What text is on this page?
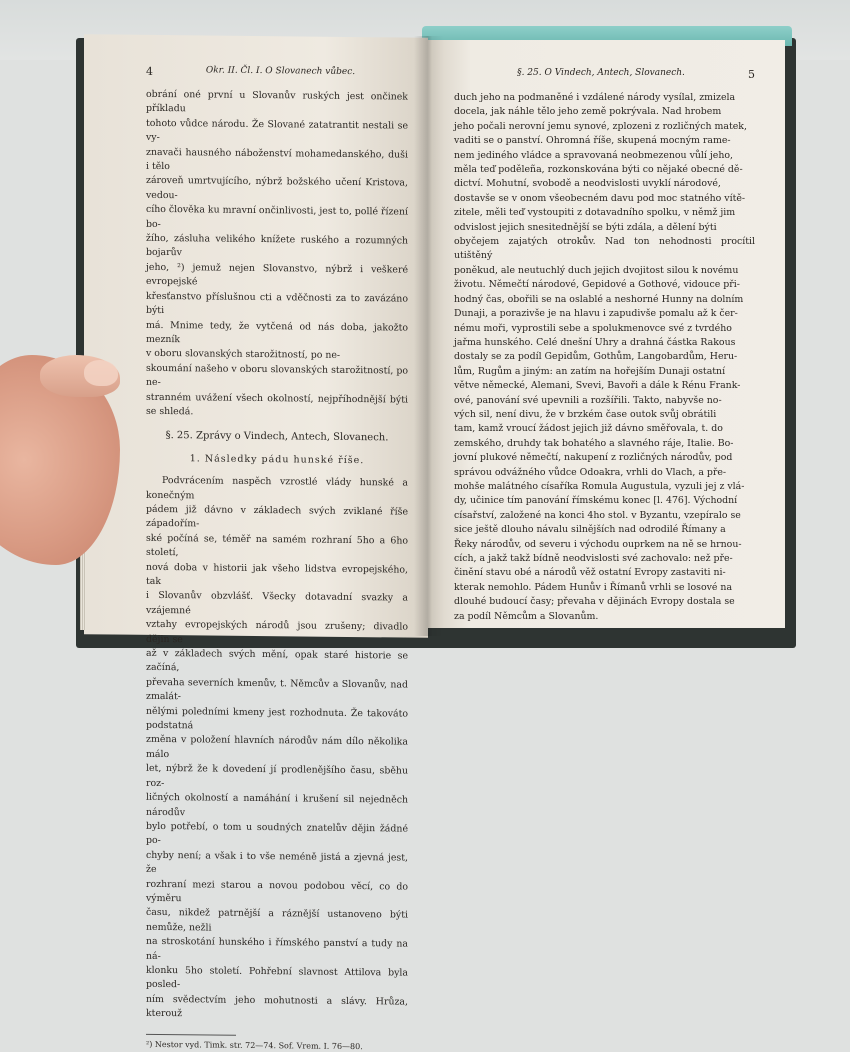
4	Okr. II. Čl. I. O Slovanech vůbec.

obrání oné první u Slovanův ruských jest ončinek příkladu

tohoto vůdce národu. Že Slované zatatrantit nestali se vy-

znavači hausného náboženství mohamedanského, duši i tělo

zároveň umrtvujícího, nýbrž božského učení Kristova, vedou-

cího člověka ku mravní ončinlivosti, jest to, pollé řízení bo-

žího, zásluha velikého knížete ruského a rozumných bojarův

jeho, ²) jemuž nejen Slovanstvo, nýbrž i veškeré evropejské

křesťanstvo příslušnou cti a vděčnosti za to zavázáno býti

má. Mnime tedy, že vytčená od nás doba, jakožto mezník

v oboru slovanských starožitností, po ne-

skoumání našeho v oboru slovanských starožitností, po ne-

stranném uvážení všech okolností, nejpříhodnější býti se shledá.

§. 25. Zprávy o Vindech, Antech, Slovanech.
1. Následky pádu hunské říše.

Podvrácením naspěch vzrostlé vlády hunské a konečným

pádem již dávno v základech svých zviklané říše západořím-

ské počíná se, téměř na samém rozhraní 5ho a 6ho století,

nová doba v historii jak všeho lidstva evropejského, tak

i Slovanův obzvlášť. Všecky dotavadní svazky a vzájemné

vztahy evropejských národů jsou zrušeny; divadlo dějin se

až v základech svých mění, opak staré historie se začíná,

převaha severních kmenův, t. Němcův a Slovanův, nad zmalát-

nělými poledními kmeny jest rozhodnuta. Že takováto podstatná

změna v položení hlavních národův nám dílo několika málo

let, nýbrž že k dovedení jí prodlenějšího času, sběhu roz-

ličných okolností a namáhání i krušení sil nejedněch národův

bylo potřebí, o tom u soudných znatelův dějin žádné po-

chyby není; a však i to vše neméně jistá a zjevná jest, že

rozhraní mezi starou a novou podobou věcí, co do výměru

času, nikdež patrnější a ráznější ustanoveno býti nemůže, nežli

na stroskotání hunského i římského panství a tudy na ná-

klonku 5ho století. Pohřební slavnost Attilova byla posled-

ním svědectvím jeho mohutnosti a slávy. Hrůza, kterouž

²) Nestor vyd. Timk. str. 72—74. Sof. Vrem. I. 76—80.
§. 25. O Vindech, Antech, Slovanech.	5

duch jeho na podmaněné i vzdálené národy vysílal, zmizela

docela, jak náhle tělo jeho země pokrývala. Nad hrobem

jeho počali nerovní jemu synové, zplozeni z rozličných matek,

vaditi se o panství. Ohromná říše, skupená mocným rame-

nem jediného vládce a spravovaná neobmezenou vůlí jeho,

měla teď poděleña, rozkonskována býti co nějaké obecné dě-

dictví. Mohutní, svobodě a neodvislosti uvyklí národové,

dostavše se v onom všeobecném davu pod moc statného vítě-

zitele, měli teď vystoupiti z dotavadního spolku, v němž jim

odvislost jejich snesitednější se býti zdála, a dělení býti

obyčejem zajatých otrokův. Nad ton nehodnosti procítil utištěný

poněkud, ale neutuchlý duch jejich dvojitost silou k novému

životu. Němečtí národové, Gepidové a Gothové, vidouce při-

hodný čas, obořili se na oslablé a neshorné Hunny na dolním

Dunaji, a porazivše je na hlavu i zapudivše pomalu až k čer-

nému moři, vyprostili sebe a spolukmenovce své z tvrdého

jařma hunského. Celé dnešní Uhry a drahná částka Rakous

dostaly se za podíl Gepidům, Gothům, Langobardům, Heru-

lům, Rugům a jiným: an zatím na hořejším Dunaji ostatní

větve německé, Alemani, Svevi, Bavoři a dále k Rénu Frank-

ové, panování své upevnili a rozšířili. Takto, nabyvše no-

vých sil, není divu, že v brzkém čase outok svůj obrátili

tam, kamž vroucí žádost jejich již dávno směřovala, t. do

zemského, druhdy tak bohatého a slavného ráje, Italie. Bo-

jovní plukové němečtí, nakupení z rozličných národův, pod

správou odvážného vůdce Odoakra, vrhli do Vlach, a pře-

mohše malátného císaříka Romula Augustula, vyzuli jej z vlá-

dy, učinice tím panování římskému konec [l. 476]. Východní

císařství, založené na konci 4ho stol. v Byzantu, vzepíralo se

sice ještě dlouho návalu silnějších nad odrodilé Římany a

Řeky národův, od severu i východu ouprkem na ně se hrnou-

cích, a jakž takž bídně neodvislosti své zachovalo: než pře-

činění stavu obé a národů věž ostatní Evropy zastaviti ni-

kterak nemohlo. Pádem Hunův i Římanů vrhli se losové na

dlouhé budoucí časy; převaha v dějinách Evropy dostala se

za podíl Němcům a Slovanům.
